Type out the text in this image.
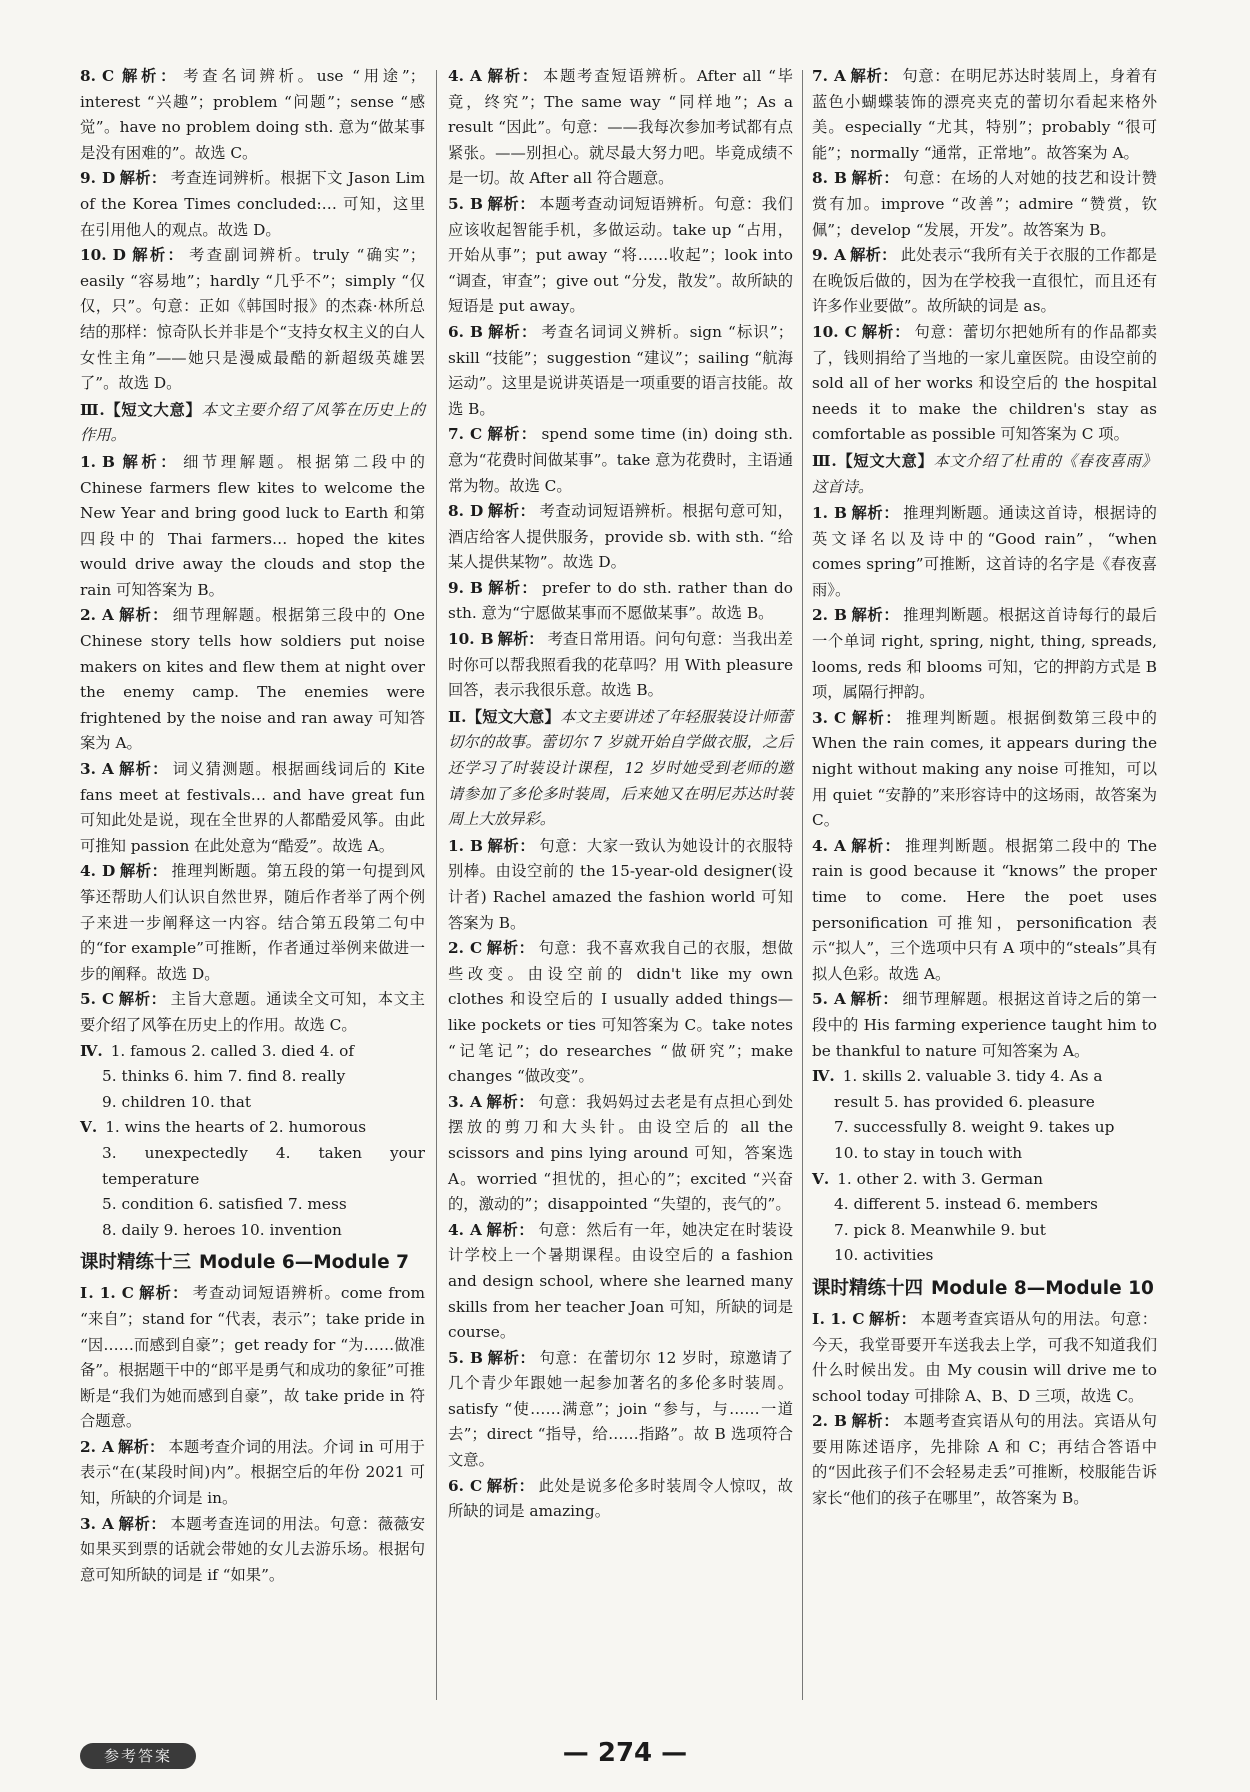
8. C 解析： 考查名词辨析。use “用途”；interest “兴趣”；problem “问题”；sense “感觉”。have no problem doing sth. 意为“做某事是没有困难的”。故选 C。

9. D 解析： 考查连词辨析。根据下文 Jason Lim of the Korea Times concluded:… 可知，这里在引用他人的观点。故选 D。

10. D 解析： 考查副词辨析。truly “确实”；easily “容易地”；hardly “几乎不”；simply “仅仅，只”。句意：正如《韩国时报》的杰森·林所总结的那样：惊奇队长并非是个“支持女权主义的白人女性主角”——她只是漫威最酷的新超级英雄罢了”。故选 D。

Ⅲ.【短文大意】本文主要介绍了风筝在历史上的作用。

1. B 解析： 细节理解题。根据第二段中的 Chinese farmers flew kites to welcome the New Year and bring good luck to Earth 和第四段中的 Thai farmers… hoped the kites would drive away the clouds and stop the rain 可知答案为 B。

2. A 解析： 细节理解题。根据第三段中的 One Chinese story tells how soldiers put noise makers on kites and flew them at night over the enemy camp. The enemies were frightened by the noise and ran away 可知答案为 A。

3. A 解析： 词义猜测题。根据画线词后的 Kite fans meet at festivals… and have great fun 可知此处是说，现在全世界的人都酷爱风筝。由此可推知 passion 在此处意为“酷爱”。故选 A。

4. D 解析： 推理判断题。第五段的第一句提到风筝还帮助人们认识自然世界，随后作者举了两个例子来进一步阐释这一内容。结合第五段第二句中的“for example”可推断，作者通过举例来做进一步的阐释。故选 D。

5. C 解析： 主旨大意题。通读全文可知，本文主要介绍了风筝在历史上的作用。故选 C。

Ⅳ. 1. famous 2. called 3. died 4. of
5. thinks 6. him 7. find 8. really
9. children 10. that
Ⅴ. 1. wins the hearts of 2. humorous
3. unexpectedly 4. taken your temperature
5. condition 6. satisfied 7. mess
8. daily 9. heroes 10. invention
课时精练十三 Module 6—Module 7

Ⅰ. 1. C 解析： 考查动词短语辨析。come from “来自”；stand for “代表，表示”；take pride in “因……而感到自豪”；get ready for “为……做准备”。根据题干中的“郎平是勇气和成功的象征”可推断是“我们为她而感到自豪”，故 take pride in 符合题意。

2. A 解析： 本题考查介词的用法。介词 in 可用于表示“在(某段时间)内”。根据空后的年份 2021 可知，所缺的介词是 in。

3. A 解析： 本题考查连词的用法。句意：薇薇安如果买到票的话就会带她的女儿去游乐场。根据句意可知所缺的词是 if “如果”。

4. A 解析： 本题考查短语辨析。After all “毕竟，终究”；The same way “同样地”；As a result “因此”。句意：——我每次参加考试都有点紧张。——别担心。就尽最大努力吧。毕竟成绩不是一切。故 After all 符合题意。

5. B 解析： 本题考查动词短语辨析。句意：我们应该收起智能手机，多做运动。take up “占用，开始从事”；put away “将……收起”；look into “调查，审查”；give out “分发，散发”。故所缺的短语是 put away。

6. B 解析： 考查名词词义辨析。sign “标识”；skill “技能”；suggestion “建议”；sailing “航海运动”。这里是说讲英语是一项重要的语言技能。故选 B。

7. C 解析： spend some time (in) doing sth. 意为“花费时间做某事”。take 意为花费时，主语通常为物。故选 C。

8. D 解析： 考查动词短语辨析。根据句意可知，酒店给客人提供服务，provide sb. with sth. “给某人提供某物”。故选 D。

9. B 解析： prefer to do sth. rather than do sth. 意为“宁愿做某事而不愿做某事”。故选 B。

10. B 解析： 考查日常用语。问句句意：当我出差时你可以帮我照看我的花草吗？用 With pleasure 回答，表示我很乐意。故选 B。

Ⅱ.【短文大意】本文主要讲述了年轻服装设计师蕾切尔的故事。蕾切尔 7 岁就开始自学做衣服，之后还学习了时装设计课程，12 岁时她受到老师的邀请参加了多伦多时装周，后来她又在明尼苏达时装周上大放异彩。

1. B 解析： 句意：大家一致认为她设计的衣服特别棒。由设空前的 the 15-year-old designer(设计者) Rachel amazed the fashion world 可知答案为 B。

2. C 解析： 句意：我不喜欢我自己的衣服，想做些改变。由设空前的 didn't like my own clothes 和设空后的 I usually added things—like pockets or ties 可知答案为 C。take notes “记笔记”；do researches “做研究”；make changes “做改变”。

3. A 解析： 句意：我妈妈过去老是有点担心到处摆放的剪刀和大头针。由设空后的 all the scissors and pins lying around 可知，答案选 A。worried “担忧的，担心的”；excited “兴奋的，激动的”；disappointed “失望的，丧气的”。

4. A 解析： 句意：然后有一年，她决定在时装设计学校上一个暑期课程。由设空后的 a fashion and design school, where she learned many skills from her teacher Joan 可知，所缺的词是 course。

5. B 解析： 句意：在蕾切尔 12 岁时，琼邀请了几个青少年跟她一起参加著名的多伦多时装周。satisfy “使……满意”；join “参与，与……一道去”；direct “指导，给……指路”。故 B 选项符合文意。

6. C 解析： 此处是说多伦多时装周令人惊叹，故所缺的词是 amazing。

7. A 解析： 句意：在明尼苏达时装周上，身着有蓝色小蝴蝶装饰的漂亮夹克的蕾切尔看起来格外美。especially “尤其，特别”；probably “很可能”；normally “通常，正常地”。故答案为 A。

8. B 解析： 句意：在场的人对她的技艺和设计赞赏有加。improve “改善”；admire “赞赏，钦佩”；develop “发展，开发”。故答案为 B。

9. A 解析： 此处表示“我所有关于衣服的工作都是在晚饭后做的，因为在学校我一直很忙，而且还有许多作业要做”。故所缺的词是 as。

10. C 解析： 句意：蕾切尔把她所有的作品都卖了，钱则捐给了当地的一家儿童医院。由设空前的 sold all of her works 和设空后的 the hospital needs it to make the children's stay as comfortable as possible 可知答案为 C 项。

Ⅲ.【短文大意】本文介绍了杜甫的《春夜喜雨》这首诗。

1. B 解析： 推理判断题。通读这首诗，根据诗的英文译名以及诗中的“Good rain”，“when comes spring”可推断，这首诗的名字是《春夜喜雨》。

2. B 解析： 推理判断题。根据这首诗每行的最后一个单词 right, spring, night, thing, spreads, looms, reds 和 blooms 可知，它的押韵方式是 B 项，属隔行押韵。

3. C 解析： 推理判断题。根据倒数第三段中的 When the rain comes, it appears during the night without making any noise 可推知，可以用 quiet “安静的”来形容诗中的这场雨，故答案为 C。

4. A 解析： 推理判断题。根据第二段中的 The rain is good because it “knows” the proper time to come. Here the poet uses personification 可推知，personification 表示“拟人”，三个选项中只有 A 项中的“steals”具有拟人色彩。故选 A。

5. A 解析： 细节理解题。根据这首诗之后的第一段中的 His farming experience taught him to be thankful to nature 可知答案为 A。

Ⅳ. 1. skills 2. valuable 3. tidy 4. As a
result 5. has provided 6. pleasure
7. successfully 8. weight 9. takes up
10. to stay in touch with
Ⅴ. 1. other 2. with 3. German
4. different 5. instead 6. members
7. pick 8. Meanwhile 9. but
10. activities
课时精练十四 Module 8—Module 10

Ⅰ. 1. C 解析： 本题考查宾语从句的用法。句意：今天，我堂哥要开车送我去上学，可我不知道我们什么时候出发。由 My cousin will drive me to school today 可排除 A、B、D 三项，故选 C。

2. B 解析： 本题考查宾语从句的用法。宾语从句要用陈述语序，先排除 A 和 C；再结合答语中的“因此孩子们不会轻易走丢”可推断，校服能告诉家长“他们的孩子在哪里”，故答案为 B。

参考答案	— 274 —
